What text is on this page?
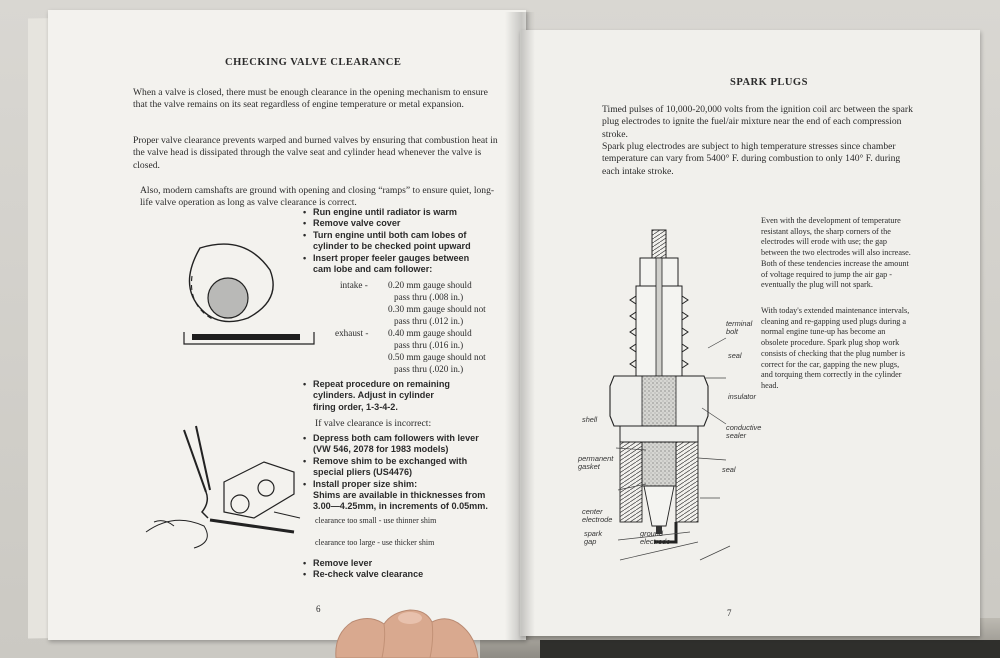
CHECKING VALVE CLEARANCE
When a valve is closed, there must be enough clearance in the opening mechanism to ensure that the valve remains on its seat regardless of engine temperature or metal expansion.
Proper valve clearance prevents warped and burned valves by ensuring that combustion heat in the valve head is dissipated through the valve seat and cylinder head whenever the valve is closed.
Also, modern camshafts are ground with opening and closing “ramps” to ensure quiet, long-life valve operation as long as valve clearance is correct.
• Run engine until radiator is warm
• Remove valve cover
• Turn engine until both cam lobes of cylinder to be checked point upward
• Insert proper feeler gauges between cam lobe and cam follower:
intake - 0.20 mm gauge should
pass thru (.008 in.)
0.30 mm gauge should not
pass thru (.012 in.)
exhaust - 0.40 mm gauge should
pass thru (.016 in.)
0.50 mm gauge should not
pass thru (.020 in.)
• Repeat procedure on remaining cylinders. Adjust in cylinder firing order, 1-3-4-2.
If valve clearance is incorrect:
• Depress both cam followers with lever (VW 546, 2078 for 1983 models)
• Remove shim to be exchanged with special pliers (US4476)
• Install proper size shim:
Shims are available in thicknesses from 3.00—4.25mm, in increments of 0.05mm.
clearance too small - use thinner shim
clearance too large - use thicker shim
• Remove lever
• Re-check valve clearance
6
SPARK PLUGS
Timed pulses of 10,000-20,000 volts from the ignition coil arc between the spark plug electrodes to ignite the fuel/air mixture near the end of each compression stroke.
Spark plug electrodes are subject to high temperature stresses since chamber temperature can vary from 5400° F. during combustion to only 140° F. during each intake stroke.
Even with the development of temperature resistant alloys, the sharp corners of the electrodes will erode with use; the gap between the two electrodes will also increase. Both of these tendencies increase the amount of voltage required to jump the air gap - eventually the plug will not spark.
With today's extended maintenance intervals, cleaning and re-gapping used plugs during a normal engine tune-up has become an obsolete procedure. Spark plug shop work consists of checking that the plug number is correct for the car, gapping the new plugs, and torquing them correctly in the cylinder head.
terminal bolt
seal
insulator
shell
conductive sealer
permanent gasket	seal
center electrode
spark gap
ground electrode
7
